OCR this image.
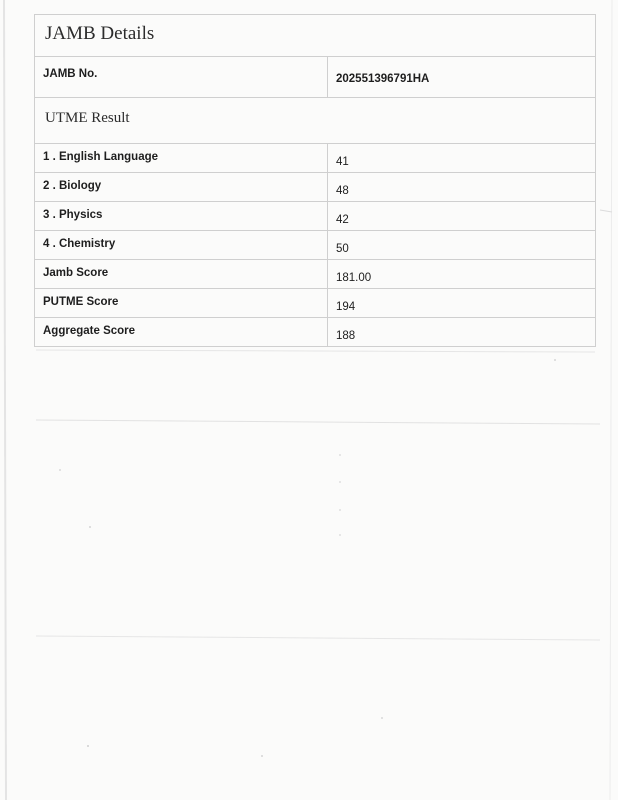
JAMB Details
JAMB No.	202551396791HA
UTME Result
1 . English Language	41
2 . Biology	48
3 . Physics	42
4 . Chemistry	50
Jamb Score	181.00
PUTME Score	194
Aggregate Score	188
